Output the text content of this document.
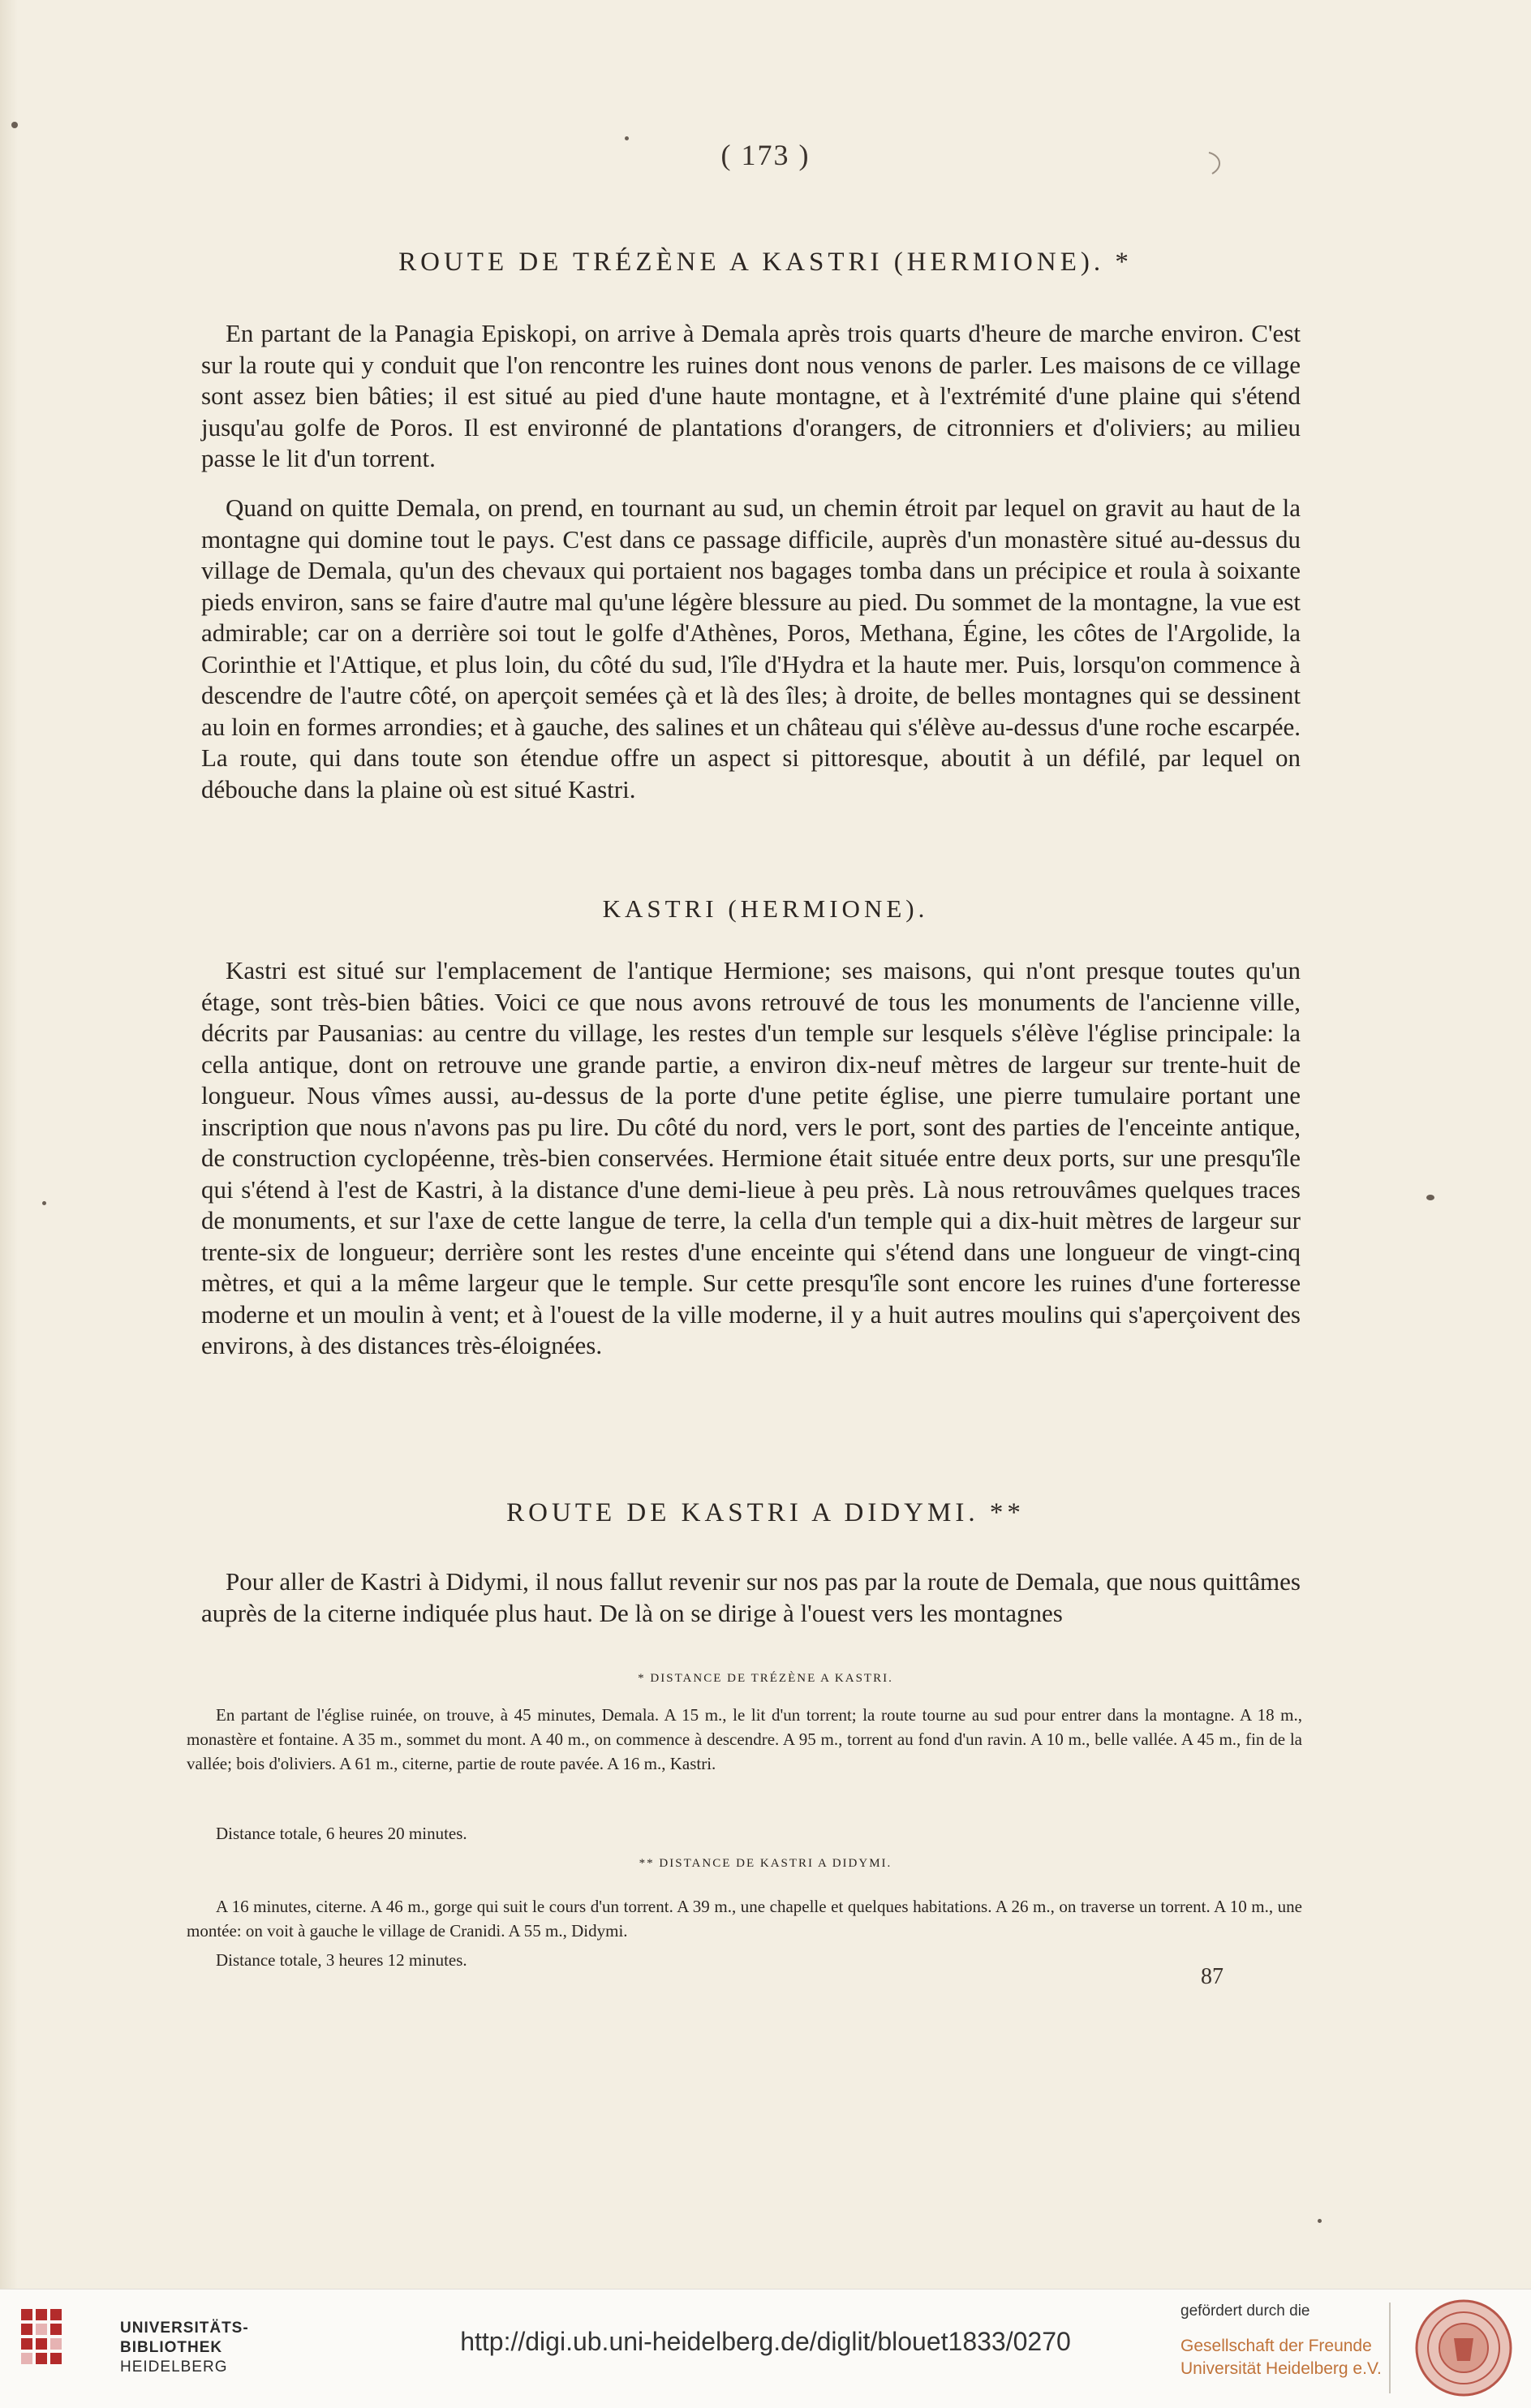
( 173 )
ROUTE DE TRÉZÈNE A KASTRI (HERMIONE). *
En partant de la Panagia Episkopi, on arrive à Demala après trois quarts d'heure de marche environ. C'est sur la route qui y conduit que l'on rencontre les ruines dont nous venons de parler. Les maisons de ce village sont assez bien bâties; il est situé au pied d'une haute montagne, et à l'extrémité d'une plaine qui s'étend jusqu'au golfe de Poros. Il est environné de plantations d'orangers, de citronniers et d'oliviers; au milieu passe le lit d'un torrent.
Quand on quitte Demala, on prend, en tournant au sud, un chemin étroit par lequel on gravit au haut de la montagne qui domine tout le pays. C'est dans ce passage difficile, auprès d'un monastère situé au-dessus du village de Demala, qu'un des chevaux qui portaient nos bagages tomba dans un précipice et roula à soixante pieds environ, sans se faire d'autre mal qu'une légère blessure au pied. Du sommet de la montagne, la vue est admirable; car on a derrière soi tout le golfe d'Athènes, Poros, Methana, Égine, les côtes de l'Argolide, la Corinthie et l'Attique, et plus loin, du côté du sud, l'île d'Hydra et la haute mer. Puis, lorsqu'on commence à descendre de l'autre côté, on aperçoit semées çà et là des îles; à droite, de belles montagnes qui se dessinent au loin en formes arrondies; et à gauche, des salines et un château qui s'élève au-dessus d'une roche escarpée. La route, qui dans toute son étendue offre un aspect si pittoresque, aboutit à un défilé, par lequel on débouche dans la plaine où est situé Kastri.
KASTRI (HERMIONE).
Kastri est situé sur l'emplacement de l'antique Hermione; ses maisons, qui n'ont presque toutes qu'un étage, sont très-bien bâties. Voici ce que nous avons retrouvé de tous les monuments de l'ancienne ville, décrits par Pausanias: au centre du village, les restes d'un temple sur lesquels s'élève l'église principale: la cella antique, dont on retrouve une grande partie, a environ dix-neuf mètres de largeur sur trente-huit de longueur. Nous vîmes aussi, au-dessus de la porte d'une petite église, une pierre tumulaire portant une inscription que nous n'avons pas pu lire. Du côté du nord, vers le port, sont des parties de l'enceinte antique, de construction cyclopéenne, très-bien conservées. Hermione était située entre deux ports, sur une presqu'île qui s'étend à l'est de Kastri, à la distance d'une demi-lieue à peu près. Là nous retrouvâmes quelques traces de monuments, et sur l'axe de cette langue de terre, la cella d'un temple qui a dix-huit mètres de largeur sur trente-six de longueur; derrière sont les restes d'une enceinte qui s'étend dans une longueur de vingt-cinq mètres, et qui a la même largeur que le temple. Sur cette presqu'île sont encore les ruines d'une forteresse moderne et un moulin à vent; et à l'ouest de la ville moderne, il y a huit autres moulins qui s'aperçoivent des environs, à des distances très-éloignées.
ROUTE DE KASTRI A DIDYMI. **
Pour aller de Kastri à Didymi, il nous fallut revenir sur nos pas par la route de Demala, que nous quittâmes auprès de la citerne indiquée plus haut. De là on se dirige à l'ouest vers les montagnes
* DISTANCE DE TRÉZÈNE A KASTRI.
En partant de l'église ruinée, on trouve, à 45 minutes, Demala. A 15 m., le lit d'un torrent; la route tourne au sud pour entrer dans la montagne. A 18 m., monastère et fontaine. A 35 m., sommet du mont. A 40 m., on commence à descendre. A 95 m., torrent au fond d'un ravin. A 10 m., belle vallée. A 45 m., fin de la vallée; bois d'oliviers. A 61 m., citerne, partie de route pavée. A 16 m., Kastri.
Distance totale, 6 heures 20 minutes.
** DISTANCE DE KASTRI A DIDYMI.
A 16 minutes, citerne. A 46 m., gorge qui suit le cours d'un torrent. A 39 m., une chapelle et quelques habitations. A 26 m., on traverse un torrent. A 10 m., une montée: on voit à gauche le village de Cranidi. A 55 m., Didymi.
Distance totale, 3 heures 12 minutes.
87
UNIVERSITÄTS-
BIBLIOTHEK
HEIDELBERG
http://digi.ub.uni-heidelberg.de/diglit/blouet1833/0270
gefördert durch die
Gesellschaft der Freunde
Universität Heidelberg e.V.
